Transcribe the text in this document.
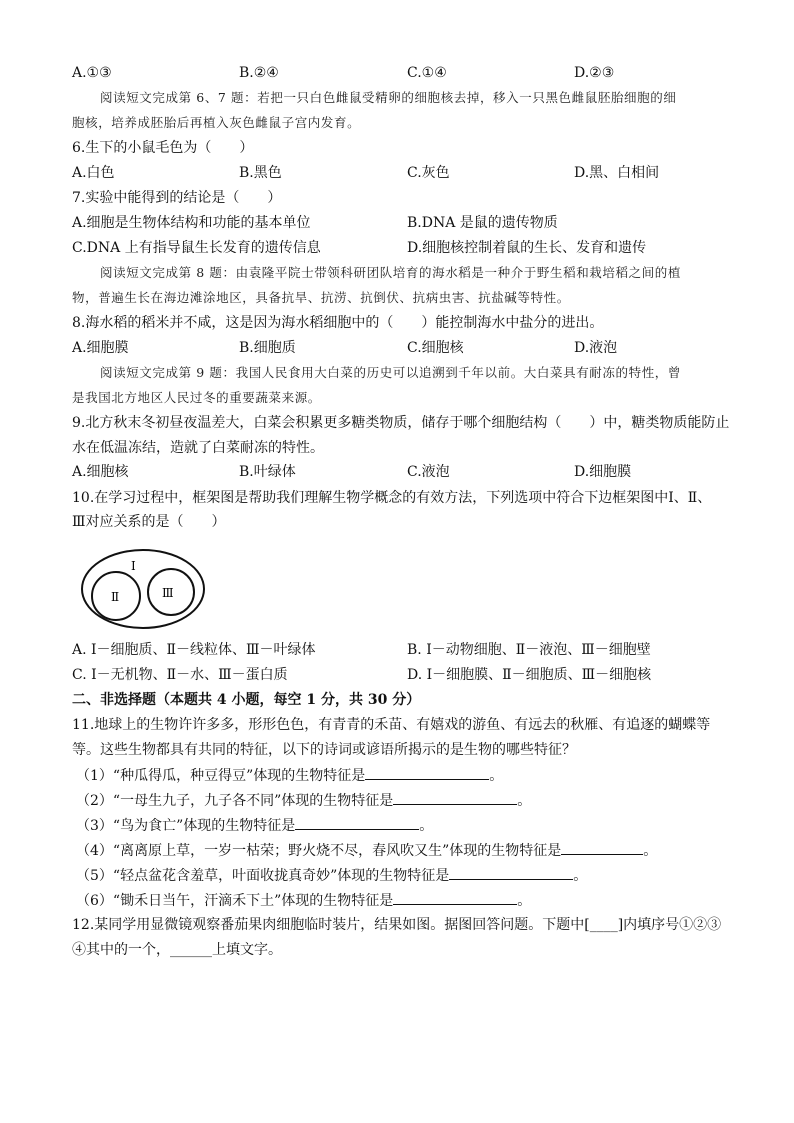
A.①③	B.②④	C.①④	D.②③
阅读短文完成第 6、7 题：若把一只白色雌鼠受精卵的细胞核去掉，移入一只黑色雌鼠胚胎细胞的细
胞核，培养成胚胎后再植入灰色雌鼠子宫内发育。
6.生下的小鼠毛色为（　　）
A.白色	B.黑色	C.灰色	D.黑、白相间
7.实验中能得到的结论是（　　）
A.细胞是生物体结构和功能的基本单位	B.DNA 是鼠的遗传物质
C.DNA 上有指导鼠生长发育的遗传信息	D.细胞核控制着鼠的生长、发育和遗传
阅读短文完成第 8 题：由袁隆平院士带领科研团队培育的海水稻是一种介于野生稻和栽培稻之间的植
物，普遍生长在海边滩涂地区，具备抗旱、抗涝、抗倒伏、抗病虫害、抗盐碱等特性。
8.海水稻的稻米并不咸，这是因为海水稻细胞中的（　　）能控制海水中盐分的进出。
A.细胞膜	B.细胞质	C.细胞核	D.液泡
阅读短文完成第 9 题：我国人民食用大白菜的历史可以追溯到千年以前。大白菜具有耐冻的特性，曾
是我国北方地区人民过冬的重要蔬菜来源。
9.北方秋末冬初昼夜温差大，白菜会积累更多糖类物质，储存于哪个细胞结构（　　）中，糖类物质能防止
水在低温冻结，造就了白菜耐冻的特性。
A.细胞核	B.叶绿体	C.液泡	D.细胞膜
10.在学习过程中，框架图是帮助我们理解生物学概念的有效方法，下列选项中符合下边框架图中Ⅰ、Ⅱ、
Ⅲ对应关系的是（　　）
Ⅰ
Ⅱ	Ⅲ
A. Ⅰ－细胞质、Ⅱ－线粒体、Ⅲ－叶绿体	B. Ⅰ－动物细胞、Ⅱ－液泡、Ⅲ－细胞壁
C. Ⅰ－无机物、Ⅱ－水、Ⅲ－蛋白质	D. Ⅰ－细胞膜、Ⅱ－细胞质、Ⅲ－细胞核
二、非选择题（本题共 4 小题，每空 1 分，共 30 分）
11.地球上的生物许许多多，形形色色，有青青的禾苗、有嬉戏的游鱼、有远去的秋雁、有追逐的蝴蝶等
等。这些生物都具有共同的特征，以下的诗词或谚语所揭示的是生物的哪些特征？
（1）“种瓜得瓜，种豆得豆”体现的生物特征是	。
（2）“一母生九子，九子各不同”体现的生物特征是	。
（3）“鸟为食亡”体现的生物特征是	。
（4）“离离原上草，一岁一枯荣；野火烧不尽，春风吹又生”体现的生物特征是	。
（5）“轻点盆花含羞草，叶面收拢真奇妙”体现的生物特征是	。
（6）“锄禾日当午，汗滴禾下土”体现的生物特征是	。
12.某同学用显微镜观察番茄果肉细胞临时装片，结果如图。据图回答问题。下题中[____]内填序号①②③
④其中的一个，______上填文字。
